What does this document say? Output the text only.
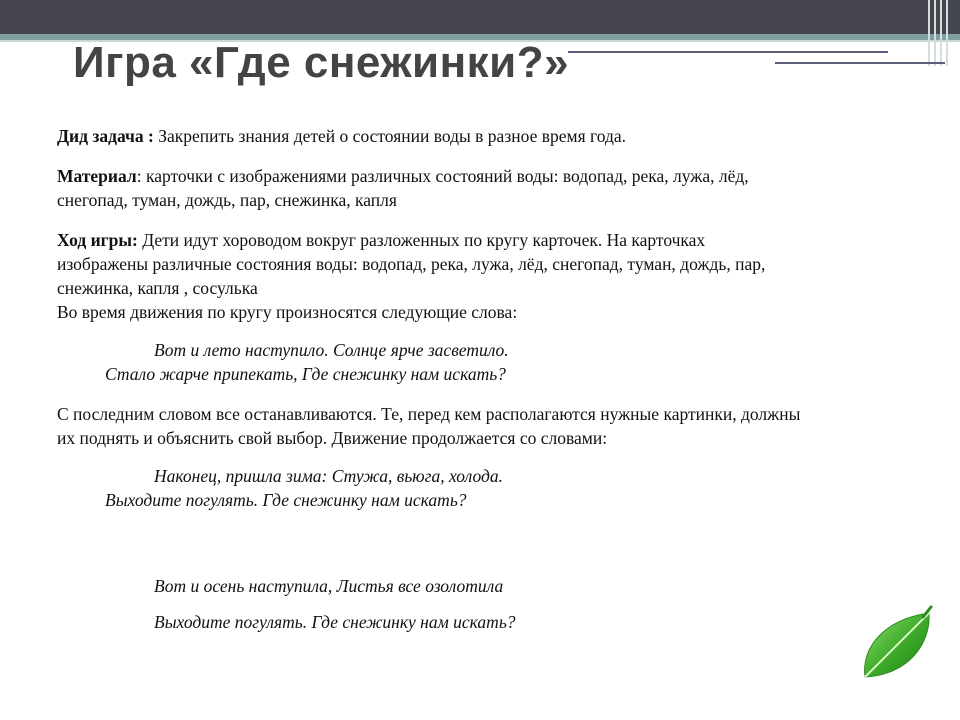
Игра «Где снежинки?»

Дид задача : Закрепить знания детей о состоянии воды в разное время года.

Материал: карточки с изображениями различных состояний воды: водопад, река, лужа, лёд,
снегопад, туман, дождь, пар, снежинка, капля

Ход игры: Дети идут хороводом вокруг разложенных по кругу карточек. На карточках
изображены различные состояния воды: водопад, река, лужа, лёд, снегопад, туман, дождь, пар,
снежинка, капля , сосулька
Во время движения по кругу произносятся следующие слова:

Вот и лето наступило. Солнце ярче засветило.
Стало жарче припекать, Где снежинку нам искать?

С последним словом все останавливаются. Те, перед кем располагаются нужные картинки, должны
их поднять и объяснить свой выбор. Движение продолжается со словами:

Наконец, пришла зима: Стужа, вьюга, холода.
Выходите погулять. Где снежинку нам искать?

Вот и осень наступила, Листья все озолотила
Выходите погулять. Где снежинку нам искать?
